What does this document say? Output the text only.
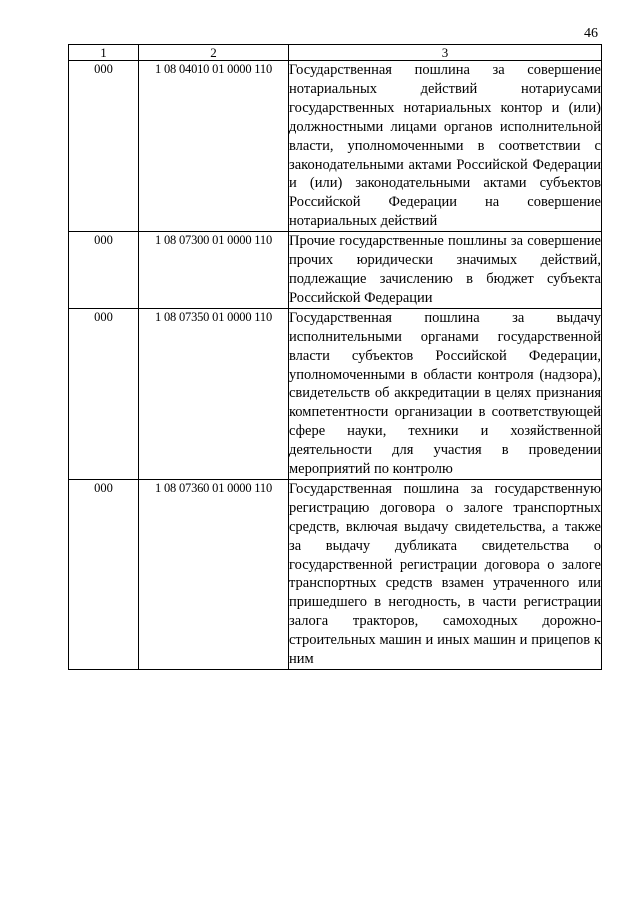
46
1	2	3
000	1 08 04010 01 0000 110	Государственная пошлина за совершение нотариальных действий нотариусами государственных нотариальных контор и (или) должностными лицами органов исполнительной власти, уполномоченными в соответствии с законодательными актами Российской Федерации и (или) законодательными актами субъектов Российской Федерации на совершение нотариальных действий
000	1 08 07300 01 0000 110	Прочие государственные пошлины за совершение прочих юридически значимых действий, подлежащие зачислению в бюджет субъекта Российской Федерации
000	1 08 07350 01 0000 110	Государственная пошлина за выдачу исполнительными органами государственной власти субъектов Российской Федерации, уполномоченными в области контроля (надзора), свидетельств об аккредитации в целях признания компетентности организации в соответствующей сфере науки, техники и хозяйственной деятельности для участия в проведении мероприятий по контролю
000	1 08 07360 01 0000 110	Государственная пошлина за государственную регистрацию договора о залоге транспортных средств, включая выдачу свидетельства, а также за выдачу дубликата свидетельства о государственной регистрации договора о залоге транспортных средств взамен утраченного или пришедшего в негодность, в части регистрации залога тракторов, самоходных дорожно-строительных машин и иных машин и прицепов к ним
